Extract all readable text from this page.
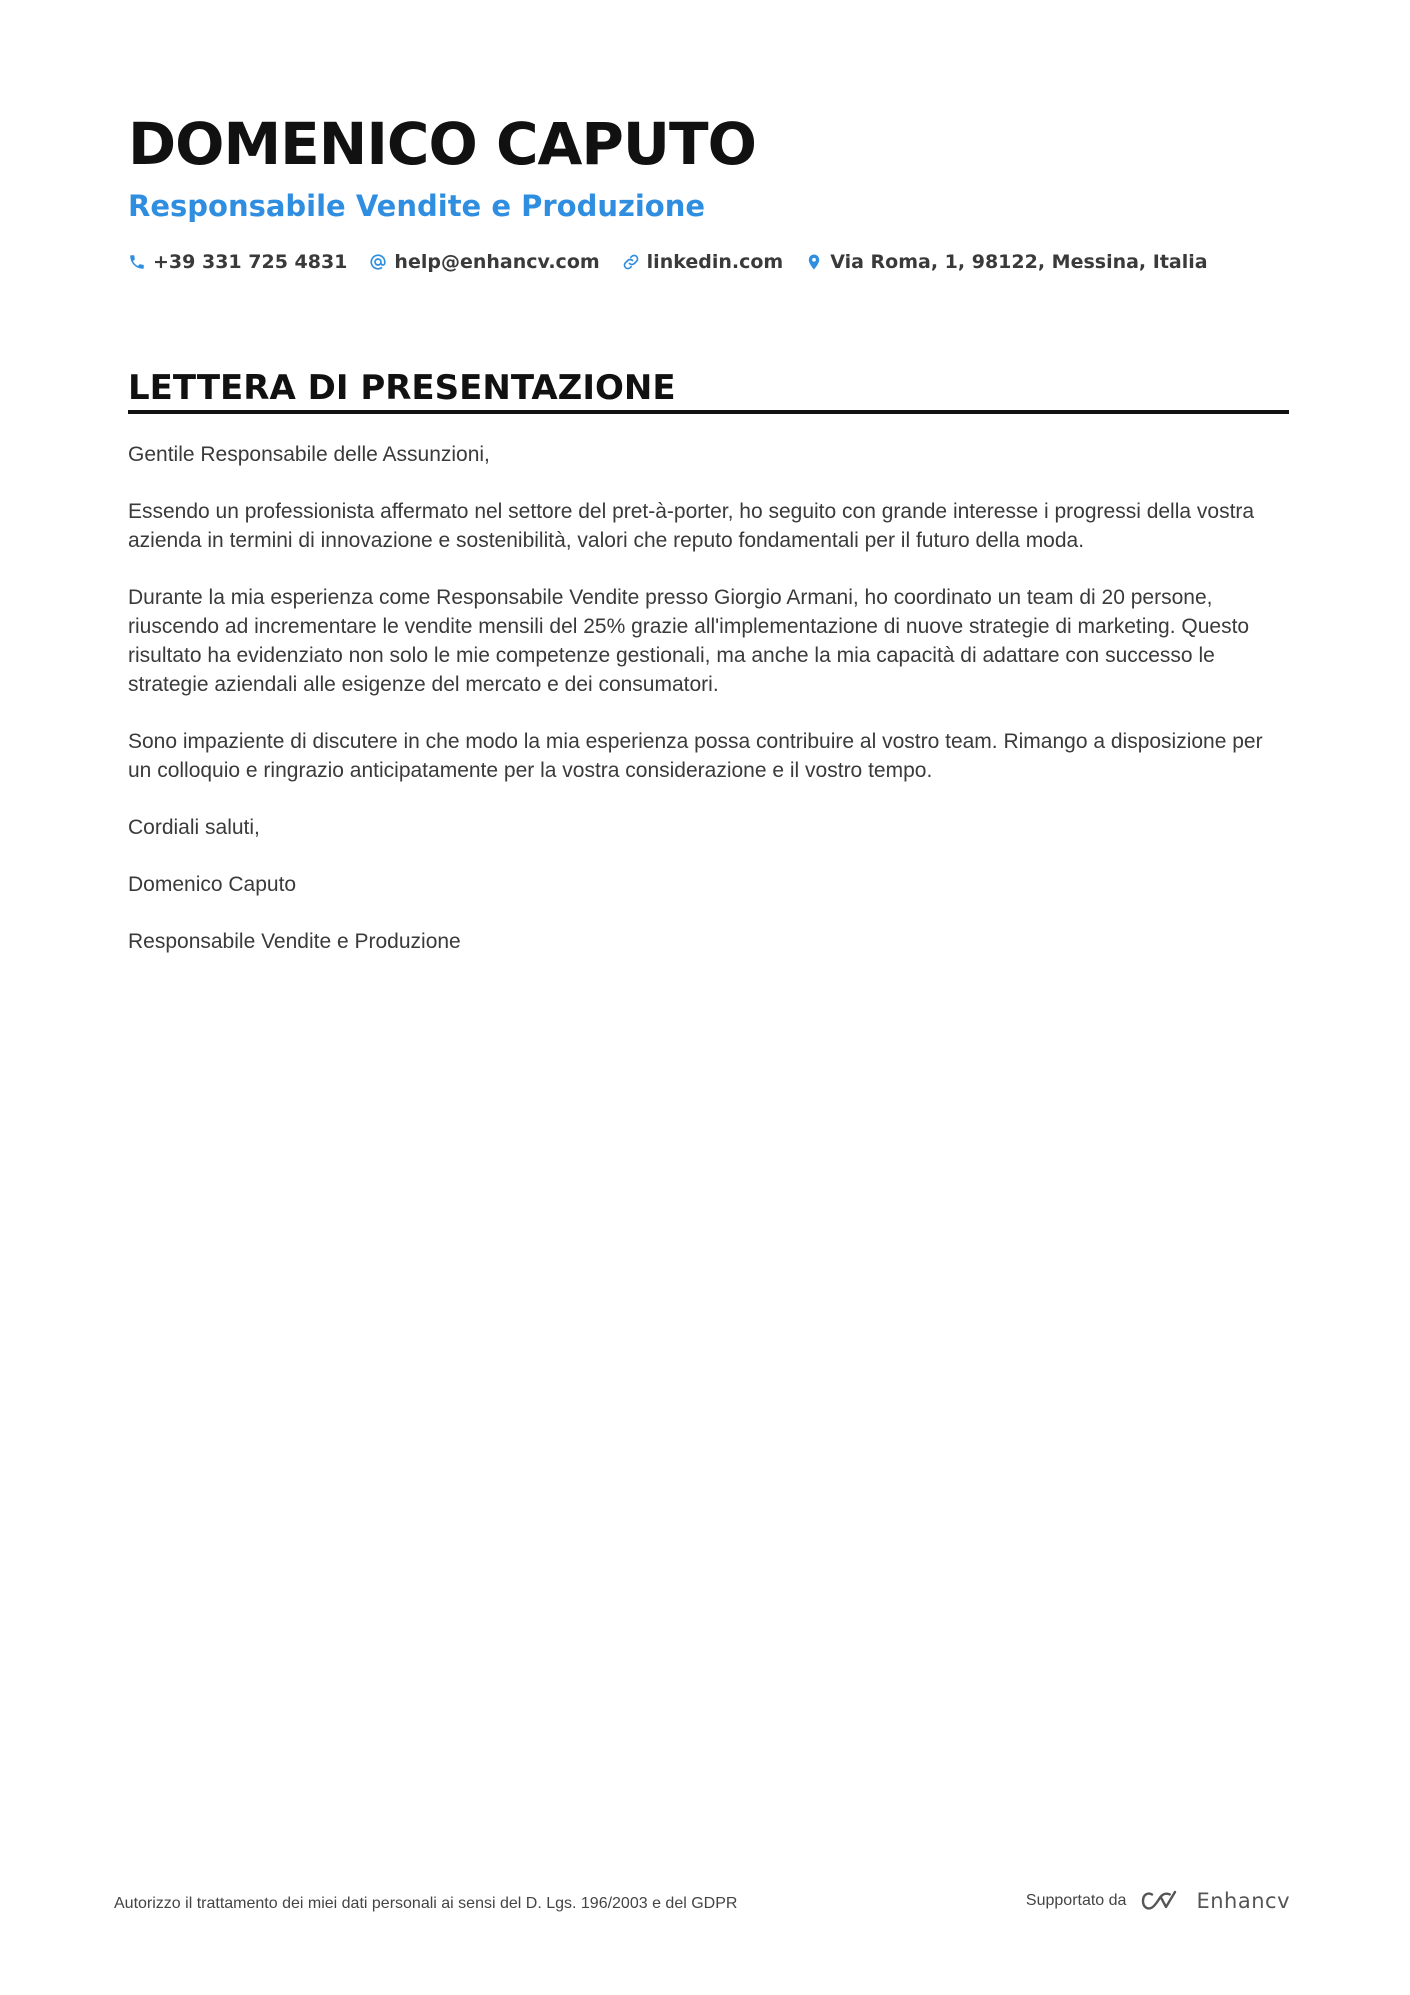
DOMENICO CAPUTO
Responsabile Vendite e Produzione
+39 331 725 4831 help@enhancv.com linkedin.com Via Roma, 1, 98122, Messina, Italia
LETTERA DI PRESENTAZIONE

Gentile Responsabile delle Assunzioni,

Essendo un professionista affermato nel settore del pret-à-porter, ho seguito con grande interesse i progressi della vostra azienda in termini di innovazione e sostenibilità, valori che reputo fondamentali per il futuro della moda.

Durante la mia esperienza come Responsabile Vendite presso Giorgio Armani, ho coordinato un team di 20 persone, riuscendo ad incrementare le vendite mensili del 25% grazie all'implementazione di nuove strategie di marketing. Questo risultato ha evidenziato non solo le mie competenze gestionali, ma anche la mia capacità di adattare con successo le strategie aziendali alle esigenze del mercato e dei consumatori.

Sono impaziente di discutere in che modo la mia esperienza possa contribuire al vostro team. Rimango a disposizione per un colloquio e ringrazio anticipatamente per la vostra considerazione e il vostro tempo.

Cordiali saluti,

Domenico Caputo

Responsabile Vendite e Produzione

Autorizzo il trattamento dei miei dati personali ai sensi del D. Lgs. 196/2003 e del GDPR	Supportato da	Enhancv
